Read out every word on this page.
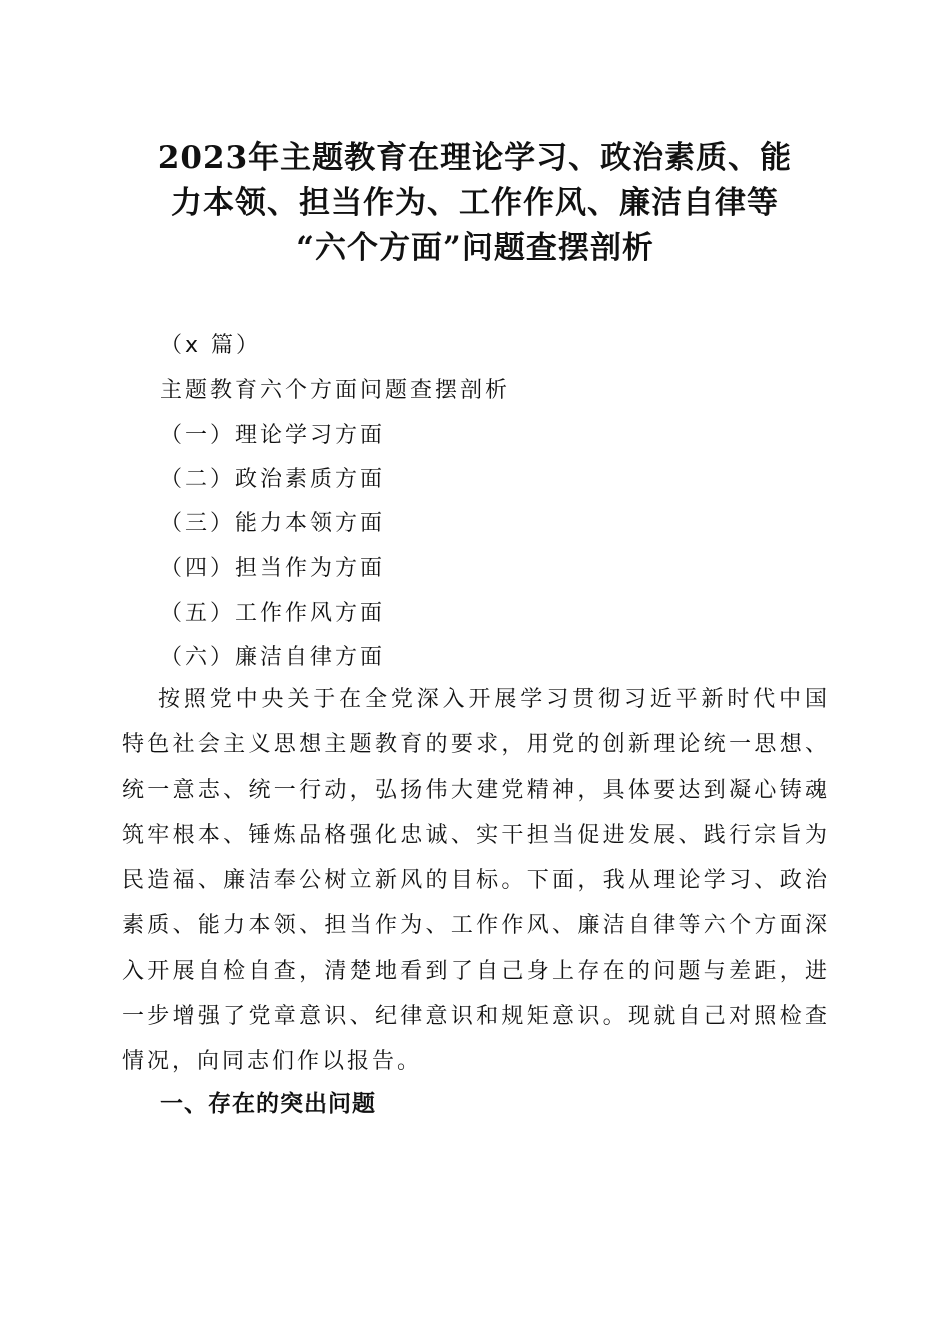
2023年主题教育在理论学习、政治素质、能
力本领、担当作为、工作作风、廉洁自律等
“六个方面”问题查摆剖析
（x 篇）
主题教育六个方面问题查摆剖析
（一）理论学习方面
（二）政治素质方面
（三）能力本领方面
（四）担当作为方面
（五）工作作风方面
（六）廉洁自律方面
按照党中央关于在全党深入开展学习贯彻习近平新时代中国特色社会主义思想主题教育的要求，用党的创新理论统一思想、统一意志、统一行动，弘扬伟大建党精神，具体要达到凝心铸魂筑牢根本、锤炼品格强化忠诚、实干担当促进发展、践行宗旨为民造福、廉洁奉公树立新风的目标。下面，我从理论学习、政治素质、能力本领、担当作为、工作作风、廉洁自律等六个方面深入开展自检自查，清楚地看到了自己身上存在的问题与差距，进一步增强了党章意识、纪律意识和规矩意识。现就自己对照检查情况，向同志们作以报告。
一、存在的突出问题
